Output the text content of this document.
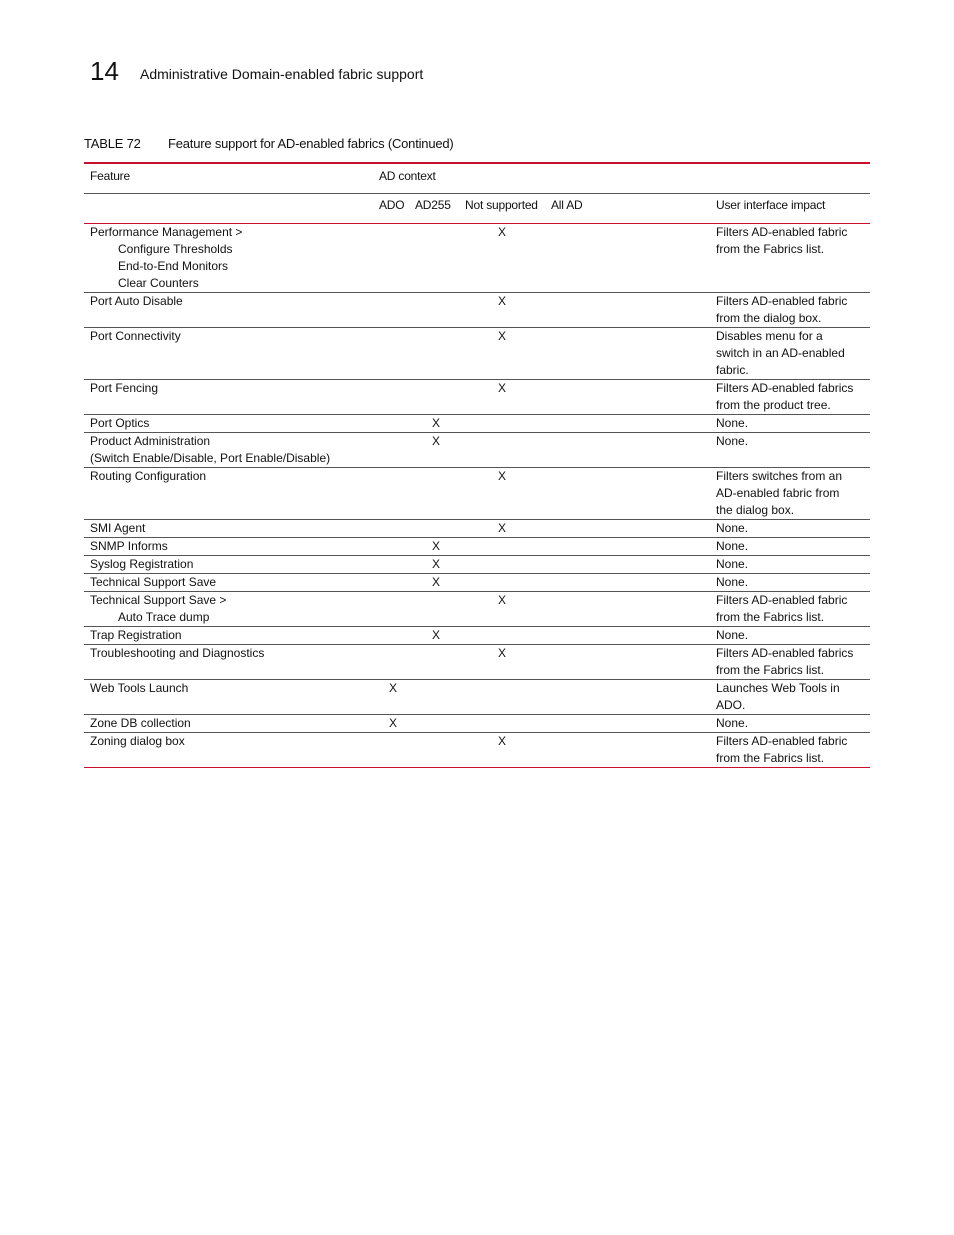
14 Administrative Domain-enabled fabric support
TABLE 72 Feature support for AD-enabled fabrics (Continued)
Feature	AD context				
	ADO	AD255	Not supported	All AD	User interface impact

Performance Management >
Configure Thresholds
End-to-End Monitors
Clear Counters			X		Filters AD-enabled fabric
from the Fabrics list.

Port Auto Disable			X		Filters AD-enabled fabric
from the dialog box.

Port Connectivity			X		Disables menu for a
switch in an AD-enabled
fabric.

Port Fencing			X		Filters AD-enabled fabrics
from the product tree.

Port Optics		X			None.

Product Administration
(Switch Enable/Disable, Port Enable/Disable)		X			None.

Routing Configuration			X		Filters switches from an
AD-enabled fabric from
the dialog box.

SMI Agent			X		None.

SNMP Informs		X			None.

Syslog Registration		X			None.

Technical Support Save		X			None.

Technical Support Save >
Auto Trace dump			X		Filters AD-enabled fabric
from the Fabrics list.

Trap Registration		X			None.

Troubleshooting and Diagnostics			X		Filters AD-enabled fabrics
from the Fabrics list.

Web Tools Launch	X				Launches Web Tools in
ADO.

Zone DB collection	X				None.

Zoning dialog box			X		Filters AD-enabled fabric
from the Fabrics list.
